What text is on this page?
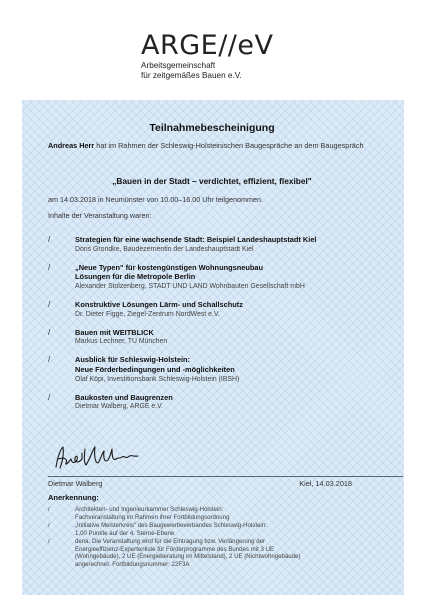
ARGE//eV
Arbeitsgemeinschaft
für zeitgemäßes Bauen e.V.
Teilnahmebescheinigung
Andreas Herr hat im Rahmen der Schleswig-Holsteinischen Baugespräche an dem Baugespräch
„Bauen in der Stadt – verdichtet, effizient, flexibel"
am 14.03.2018 in Neumünster von 10.00–16.00 Uhr teilgenommen.
Inhalte der Veranstaltung waren:
/	Strategien für eine wachsende Stadt: Beispiel Landeshauptstadt Kiel
Doris Grondke, Baudezernentin der Landeshauptstadt Kiel
/	„Neue Typen" für kostengünstigen Wohnungsneubau
Lösungen für die Metropole Berlin
Alexander Stolzenberg, STADT UND LAND Wohnbauten Gesellschaft mbH
/	Konstruktive Lösungen Lärm- und Schallschutz
Dr. Dieter Figge, Ziegel-Zentrum NordWest e.V.
/	Bauen mit WEITBLICK
Markus Lechner, TU München
/	Ausblick für Schleswig-Holstein:
Neue Förderbedingungen und -möglichkeiten
Olaf Köpi, Investitionsbank Schleswig-Holstein (IBSH)
/	Baukosten und Baugrenzen
Dietmar Walberg, ARGE e.V.
Dietmar Walberg	Kiel, 14.03.2018
Anerkennung:
/	Architekten- und Ingenieurkammer Schleswig-Holstein:
Fachveranstaltung im Rahmen ihrer Fortbildungsordnung
/	„Initiative Meisterkreis" des Baugewerbeverbandes Schleswig-Holstein:
1,00 Punkte auf der 4. Sterne-Ebene
/	dena: Die Veranstaltung wird für die Eintragung bzw. Verlängerung der
Energieeffizienz-Expertenliste für Förderprogramme des Bundes mit 3 UE
(Wohngebäude), 2 UE (Energieberatung im Mittelstand), 2 UE (Nichtwohngebäude)
angerechnet. Fortbildungsnummer: 22F3A
